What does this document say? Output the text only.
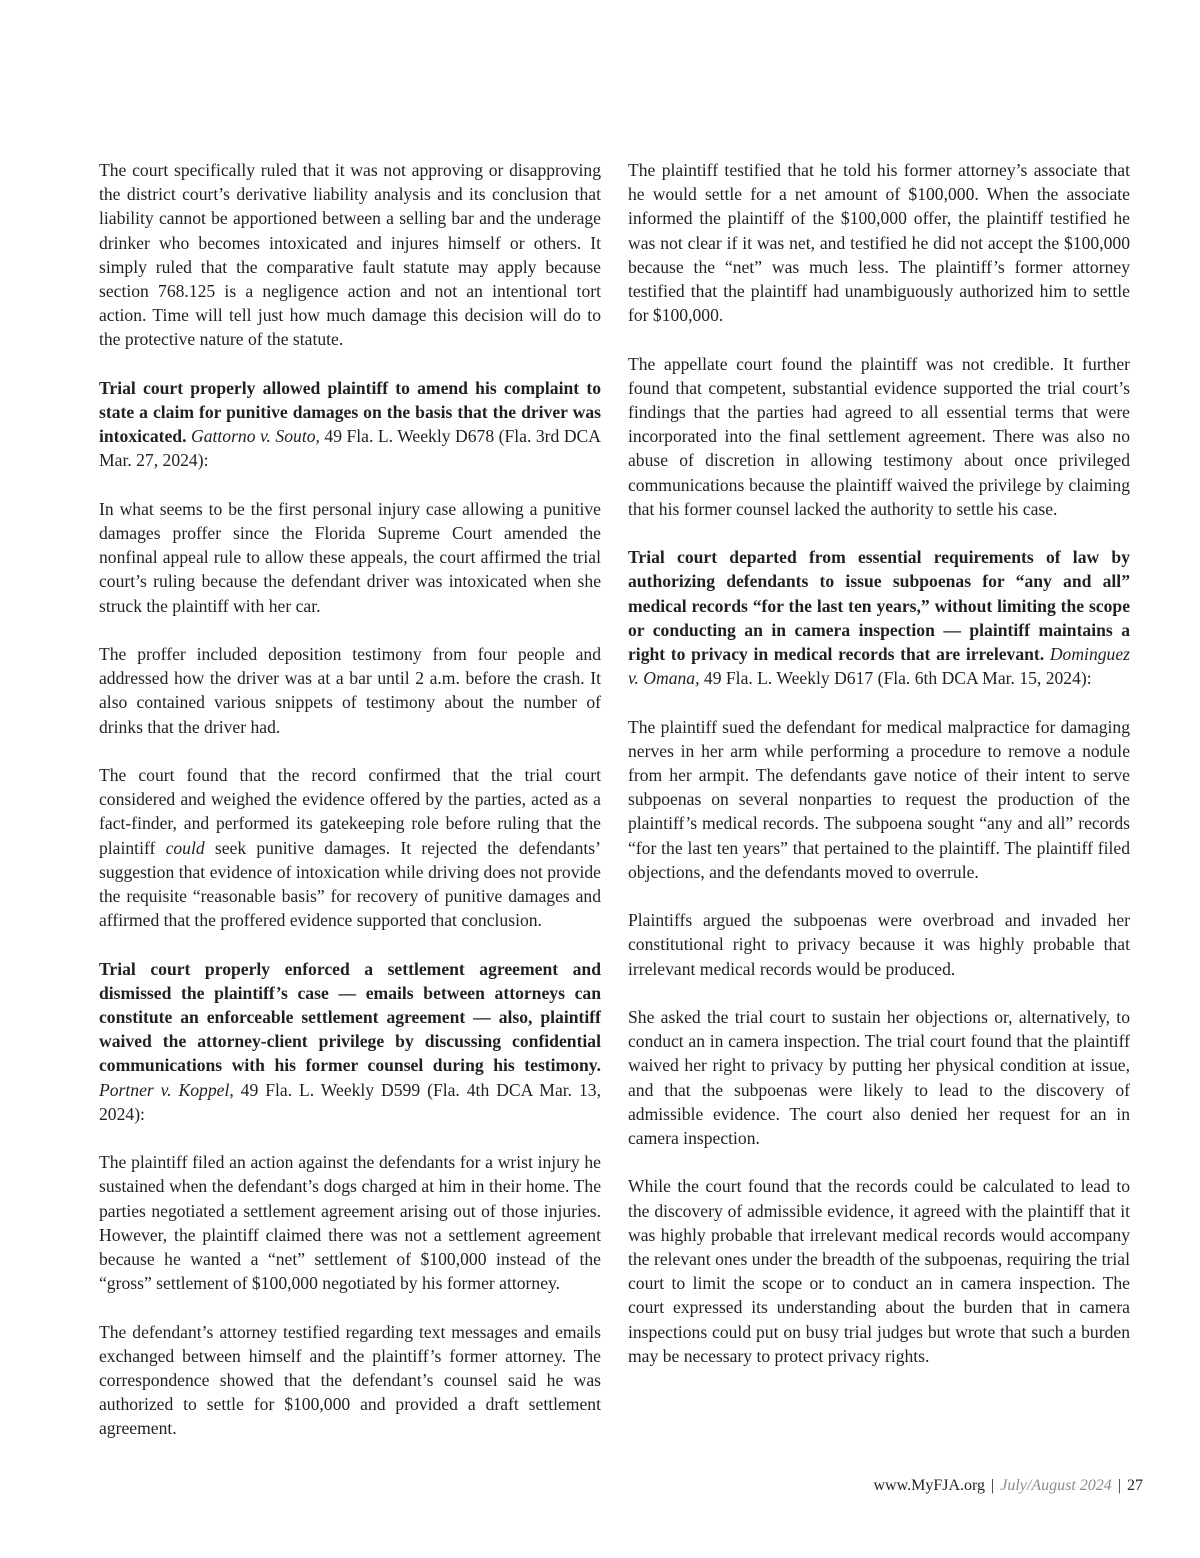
The court specifically ruled that it was not approving or disapproving the district court’s derivative liability analysis and its conclusion that liability cannot be apportioned between a selling bar and the underage drinker who becomes intoxicated and injures himself or others. It simply ruled that the comparative fault statute may apply because section 768.125 is a negligence action and not an intentional tort action. Time will tell just how much damage this decision will do to the protective nature of the statute.

Trial court properly allowed plaintiff to amend his complaint to state a claim for punitive damages on the basis that the driver was intoxicated. Gattorno v. Souto, 49 Fla. L. Weekly D678 (Fla. 3rd DCA Mar. 27, 2024):

In what seems to be the first personal injury case allowing a punitive damages proffer since the Florida Supreme Court amended the nonfinal appeal rule to allow these appeals, the court affirmed the trial court’s ruling because the defendant driver was intoxicated when she struck the plaintiff with her car.

The proffer included deposition testimony from four people and addressed how the driver was at a bar until 2 a.m. before the crash. It also contained various snippets of testimony about the number of drinks that the driver had.

The court found that the record confirmed that the trial court considered and weighed the evidence offered by the parties, acted as a fact-finder, and performed its gatekeeping role before ruling that the plaintiff could seek punitive damages. It rejected the defendants’ suggestion that evidence of intoxication while driving does not provide the requisite “reasonable basis” for recovery of punitive damages and affirmed that the proffered evidence supported that conclusion.

Trial court properly enforced a settlement agreement and dismissed the plaintiff’s case — emails between attorneys can constitute an enforceable settlement agreement — also, plaintiff waived the attorney-client privilege by discussing confidential communications with his former counsel during his testimony. Portner v. Koppel, 49 Fla. L. Weekly D599 (Fla. 4th DCA Mar. 13, 2024):

The plaintiff filed an action against the defendants for a wrist injury he sustained when the defendant’s dogs charged at him in their home. The parties negotiated a settlement agreement arising out of those injuries. However, the plaintiff claimed there was not a settlement agreement because he wanted a “net” settlement of $100,000 instead of the “gross” settlement of $100,000 negotiated by his former attorney.

The defendant’s attorney testified regarding text messages and emails exchanged between himself and the plaintiff’s former attorney. The correspondence showed that the defendant’s counsel said he was authorized to settle for $100,000 and provided a draft settlement agreement.

The plaintiff testified that he told his former attorney’s associate that he would settle for a net amount of $100,000. When the associate informed the plaintiff of the $100,000 offer, the plaintiff testified he was not clear if it was net, and testified he did not accept the $100,000 because the “net” was much less. The plaintiff’s former attorney testified that the plaintiff had unambiguously authorized him to settle for $100,000.

The appellate court found the plaintiff was not credible. It further found that competent, substantial evidence supported the trial court’s findings that the parties had agreed to all essential terms that were incorporated into the final settlement agreement. There was also no abuse of discretion in allowing testimony about once privileged communications because the plaintiff waived the privilege by claiming that his former counsel lacked the authority to settle his case.

Trial court departed from essential requirements of law by authorizing defendants to issue subpoenas for “any and all” medical records “for the last ten years,” without limiting the scope or conducting an in camera inspection — plaintiff maintains a right to privacy in medical records that are irrelevant. Dominguez v. Omana, 49 Fla. L. Weekly D617 (Fla. 6th DCA Mar. 15, 2024):

The plaintiff sued the defendant for medical malpractice for damaging nerves in her arm while performing a procedure to remove a nodule from her armpit. The defendants gave notice of their intent to serve subpoenas on several nonparties to request the production of the plaintiff’s medical records. The subpoena sought “any and all” records “for the last ten years” that pertained to the plaintiff. The plaintiff filed objections, and the defendants moved to overrule.

Plaintiffs argued the subpoenas were overbroad and invaded her constitutional right to privacy because it was highly probable that irrelevant medical records would be produced.

She asked the trial court to sustain her objections or, alternatively, to conduct an in camera inspection. The trial court found that the plaintiff waived her right to privacy by putting her physical condition at issue, and that the subpoenas were likely to lead to the discovery of admissible evidence. The court also denied her request for an in camera inspection.

While the court found that the records could be calculated to lead to the discovery of admissible evidence, it agreed with the plaintiff that it was highly probable that irrelevant medical records would accompany the relevant ones under the breadth of the subpoenas, requiring the trial court to limit the scope or to conduct an in camera inspection. The court expressed its understanding about the burden that in camera inspections could put on busy trial judges but wrote that such a burden may be necessary to protect privacy rights.

www.MyFJA.org | July/August 2024 | 27
